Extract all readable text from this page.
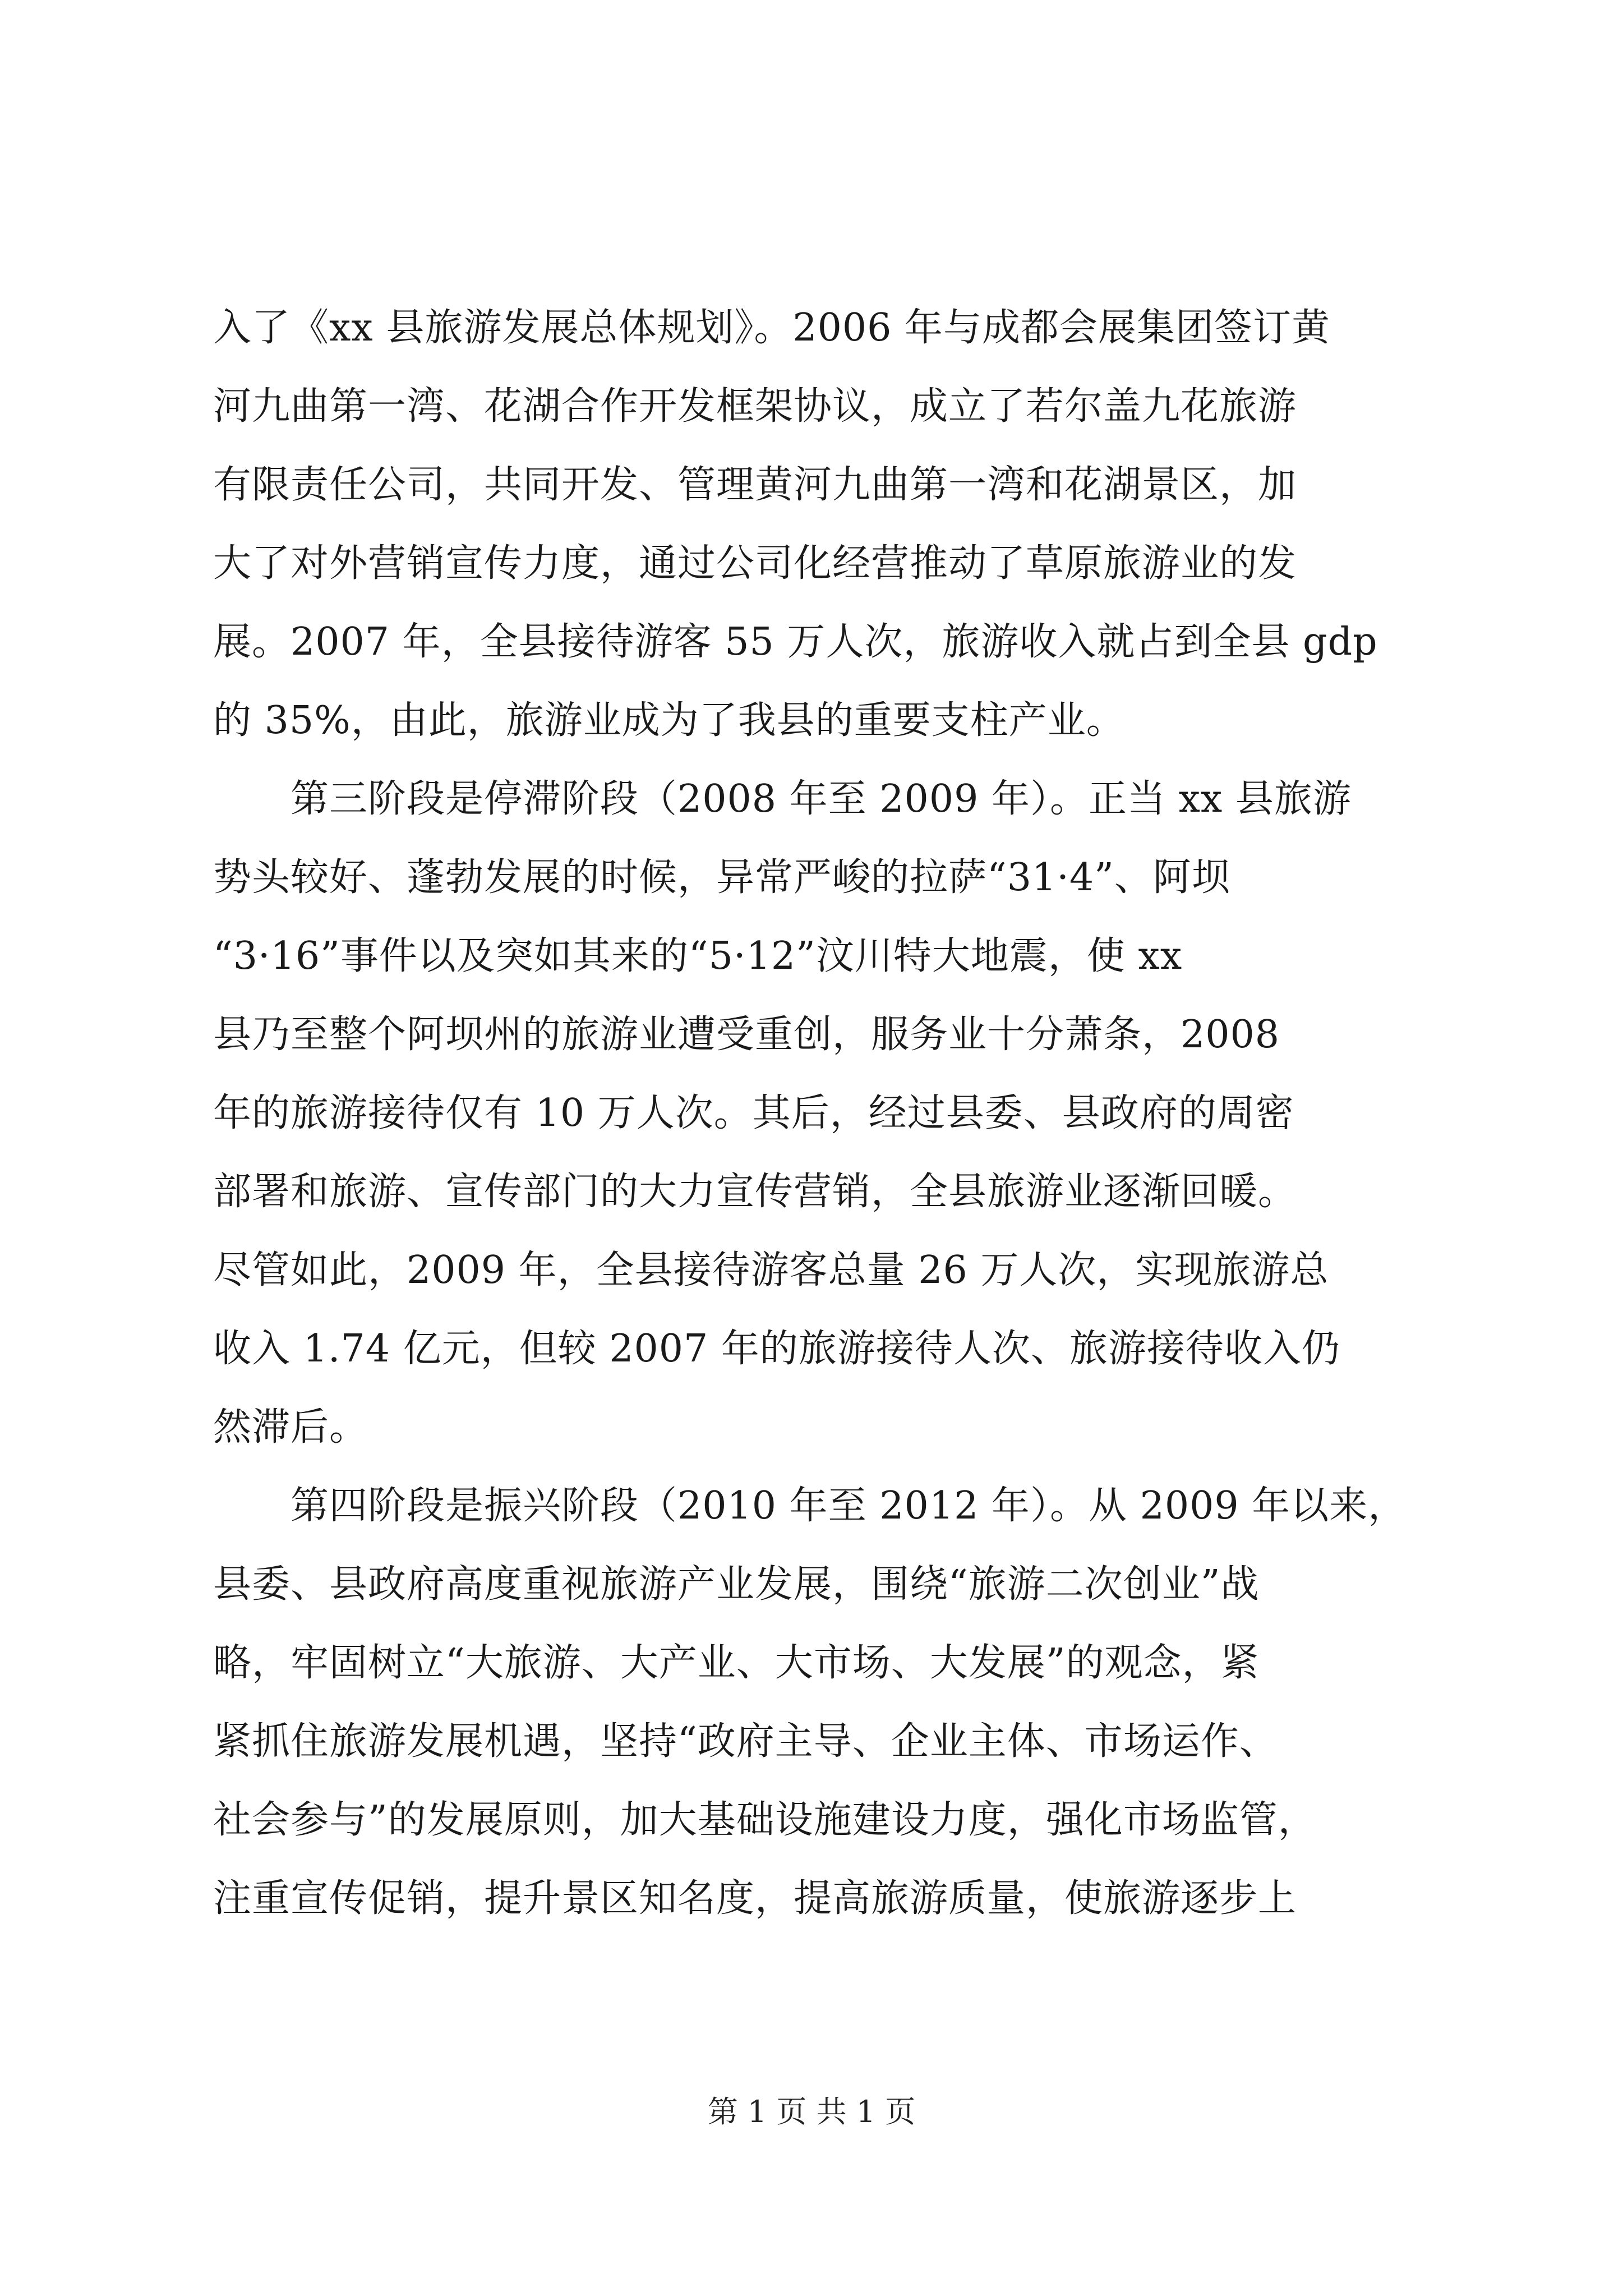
入了《xx 县旅游发展总体规划》。2006 年与成都会展集团签订黄
河九曲第一湾、花湖合作开发框架协议，成立了若尔盖九花旅游
有限责任公司，共同开发、管理黄河九曲第一湾和花湖景区，加
大了对外营销宣传力度，通过公司化经营推动了草原旅游业的发
展。2007 年，全县接待游客 55 万人次，旅游收入就占到全县 gdp
的 35%，由此，旅游业成为了我县的重要支柱产业。
　　第三阶段是停滞阶段（2008 年至 2009 年）。正当 xx 县旅游
势头较好、蓬勃发展的时候，异常严峻的拉萨“31·4”、阿坝
“3·16”事件以及突如其来的“5·12”汶川特大地震，使 xx
县乃至整个阿坝州的旅游业遭受重创，服务业十分萧条，2008
年的旅游接待仅有 10 万人次。其后，经过县委、县政府的周密
部署和旅游、宣传部门的大力宣传营销，全县旅游业逐渐回暖。
尽管如此，2009 年，全县接待游客总量 26 万人次，实现旅游总
收入 1.74 亿元，但较 2007 年的旅游接待人次、旅游接待收入仍
然滞后。
　　第四阶段是振兴阶段（2010 年至 2012 年）。从 2009 年以来，
县委、县政府高度重视旅游产业发展，围绕“旅游二次创业”战
略，牢固树立“大旅游、大产业、大市场、大发展”的观念，紧
紧抓住旅游发展机遇，坚持“政府主导、企业主体、市场运作、
社会参与”的发展原则，加大基础设施建设力度，强化市场监管，
注重宣传促销，提升景区知名度，提高旅游质量，使旅游逐步上
第 1 页 共 1 页
